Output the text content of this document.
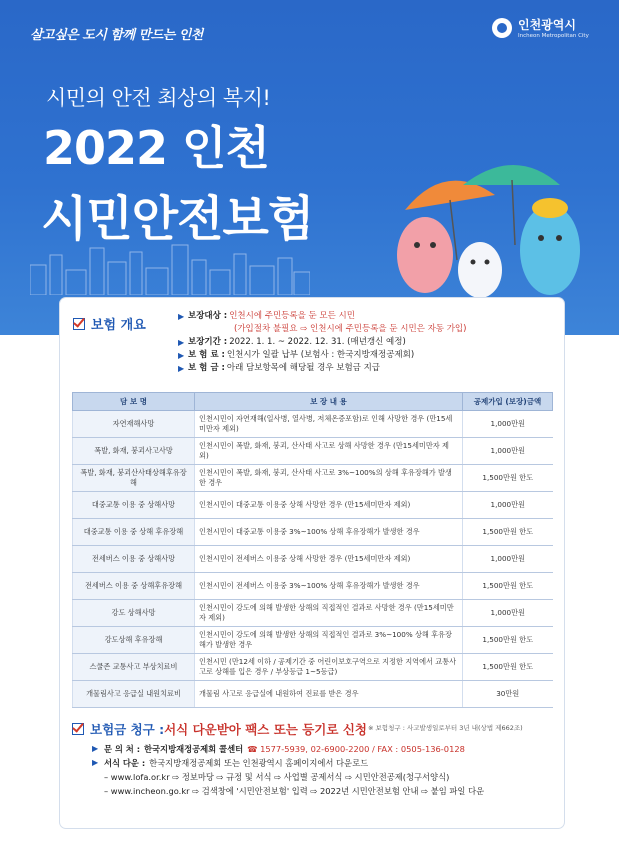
살고싶은 도시 함께 만드는 인천
인천광역시
Incheon Metropolitan City
시민의 안전 최상의 복지!
2022 인천
시민안전보험
보험 개요
▶ 보장대상 : 인천시에 주민등록을 둔 모든 시민
(가입절차 불필요 ⇨ 인천시에 주민등록을 둔 시민은 자동 가입)
▶ 보장기간 : 2022. 1. 1. ~ 2022. 12. 31. (매년갱신 예정)
▶ 보 험 료 : 인천시가 일괄 납부 (보험사 : 한국지방재정공제회)
▶ 보 험 금 : 아래 담보항목에 해당될 경우 보험금 지급
담 보 명	보 장 내 용	공제가입 (보장)금액
자연재해사망	인천시민이 자연재해(일사병, 열사병, 저체온증포함)로 인해 사망한 경우 (만15세 미만자 제외)	1,000만원
폭발, 화재, 붕괴사고사망	인천시민이 폭발, 화재, 붕괴, 산사태 사고로 상해 사망한 경우 (만15세미만자 제외)	1,000만원
폭발, 화재, 붕괴산사태상해후유장해	인천시민이 폭발, 화재, 붕괴, 산사태 사고로 3%~100%의 상해 후유장해가 발생한 경우	1,500만원 한도
대중교통 이용 중 상해사망	인천시민이 대중교통 이용중 상해 사망한 경우 (만15세미만자 제외)	1,000만원
대중교통 이용 중 상해 후유장해	인천시민이 대중교통 이용중 3%~100% 상해 후유장해가 발생한 경우	1,500만원 한도
전세버스 이용 중 상해사망	인천시민이 전세버스 이용중 상해 사망한 경우 (만15세미만자 제외)	1,000만원
전세버스 이용 중 상해후유장해	인천시민이 전세버스 이용중 3%~100% 상해 후유장해가 발생한 경우	1,500만원 한도
강도 상해사망	인천시민이 강도에 의해 발생한 상해의 직접적인 결과로 사망한 경우 (만15세미만자 제외)	1,000만원
강도상해 후유장해	인천시민이 강도에 의해 발생한 상해의 직접적인 결과로 3%~100% 상해 후유장해가 발생한 경우	1,500만원 한도
스쿨존 교통사고 부상치료비	인천시민 (만12세 이하 / 공제기간 중 어린이보호구역으로 지정한 지역에서 교통사고로 상해를 입은 경우 / 부상등급 1~5등급)	1,500만원 한도
개물림사고 응급실 내원치료비	개물림 사고로 응급실에 내원하여 진료를 받은 경우	30만원
보험금 청구 : 서식 다운받아 팩스 또는 등기로 신청 ※ 보험청구 : 사고발생일로부터 3년 내(상법 제662조)
▶ 문 의 처 : 한국지방재정공제회 콜센터 ☎ 1577-5939, 02-6900-2200 / FAX : 0505-136-0128
▶ 서식 다운 : 한국지방재정공제회 또는 인천광역시 홈페이지에서 다운로드
– www.lofa.or.kr ⇨ 정보마당 ⇨ 규정 및 서식 ⇨ 사업별 공제서식 ⇨ 시민안전공제(청구서양식)
– www.incheon.go.kr ⇨ 검색창에 '시민안전보험' 입력 ⇨ 2022년 시민안전보험 안내 ⇨ 붙임 파일 다운
